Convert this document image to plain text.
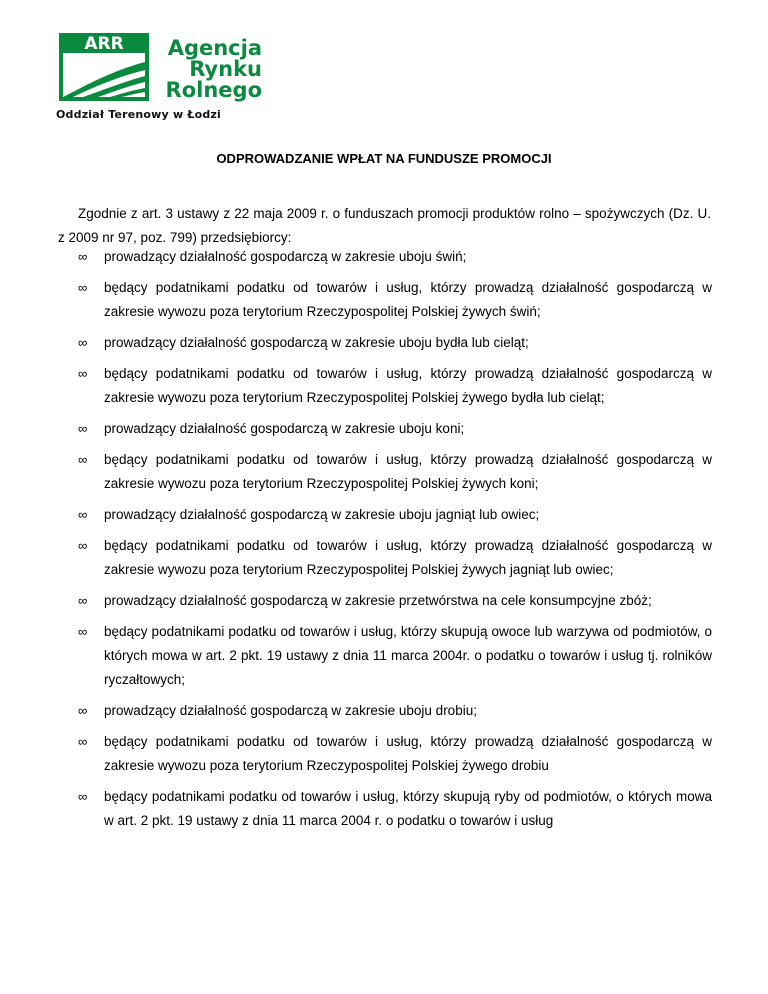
ARR	Agencja
Rynku
Rolnego
Oddział Terenowy w Łodzi
ODPROWADZANIE WPŁAT NA FUNDUSZE PROMOCJI
Zgodnie z art. 3 ustawy z 22 maja 2009 r. o funduszach promocji produktów rolno – spożywczych (Dz. U. z 2009 nr 97, poz. 799) przedsiębiorcy:
∞ prowadzący działalność gospodarczą w zakresie uboju świń;
∞ będący podatnikami podatku od towarów i usług, którzy prowadzą działalność gospodarczą w zakresie wywozu poza terytorium Rzeczypospolitej Polskiej żywych świń;
∞ prowadzący działalność gospodarczą w zakresie uboju bydła lub cieląt;
∞ będący podatnikami podatku od towarów i usług, którzy prowadzą działalność gospodarczą w zakresie wywozu poza terytorium Rzeczypospolitej Polskiej żywego bydła lub cieląt;
∞ prowadzący działalność gospodarczą w zakresie uboju koni;
∞ będący podatnikami podatku od towarów i usług, którzy prowadzą działalność gospodarczą w zakresie wywozu poza terytorium Rzeczypospolitej Polskiej żywych koni;
∞ prowadzący działalność gospodarczą w zakresie uboju jagniąt lub owiec;
∞ będący podatnikami podatku od towarów i usług, którzy prowadzą działalność gospodarczą w zakresie wywozu poza terytorium Rzeczypospolitej Polskiej żywych jagniąt lub owiec;
∞ prowadzący działalność gospodarczą w zakresie przetwórstwa na cele konsumpcyjne zbóż;
∞ będący podatnikami podatku od towarów i usług, którzy skupują owoce lub warzywa od podmiotów, o których mowa w art. 2 pkt. 19 ustawy z dnia 11 marca 2004r. o podatku o towarów i usług tj. rolników ryczałtowych;
∞ prowadzący działalność gospodarczą w zakresie uboju drobiu;
∞ będący podatnikami podatku od towarów i usług, którzy prowadzą działalność gospodarczą w zakresie wywozu poza terytorium Rzeczypospolitej Polskiej żywego drobiu
∞ będący podatnikami podatku od towarów i usług, którzy skupują ryby od podmiotów, o których mowa w art. 2 pkt. 19 ustawy z dnia 11 marca 2004 r. o podatku o towarów i usług
